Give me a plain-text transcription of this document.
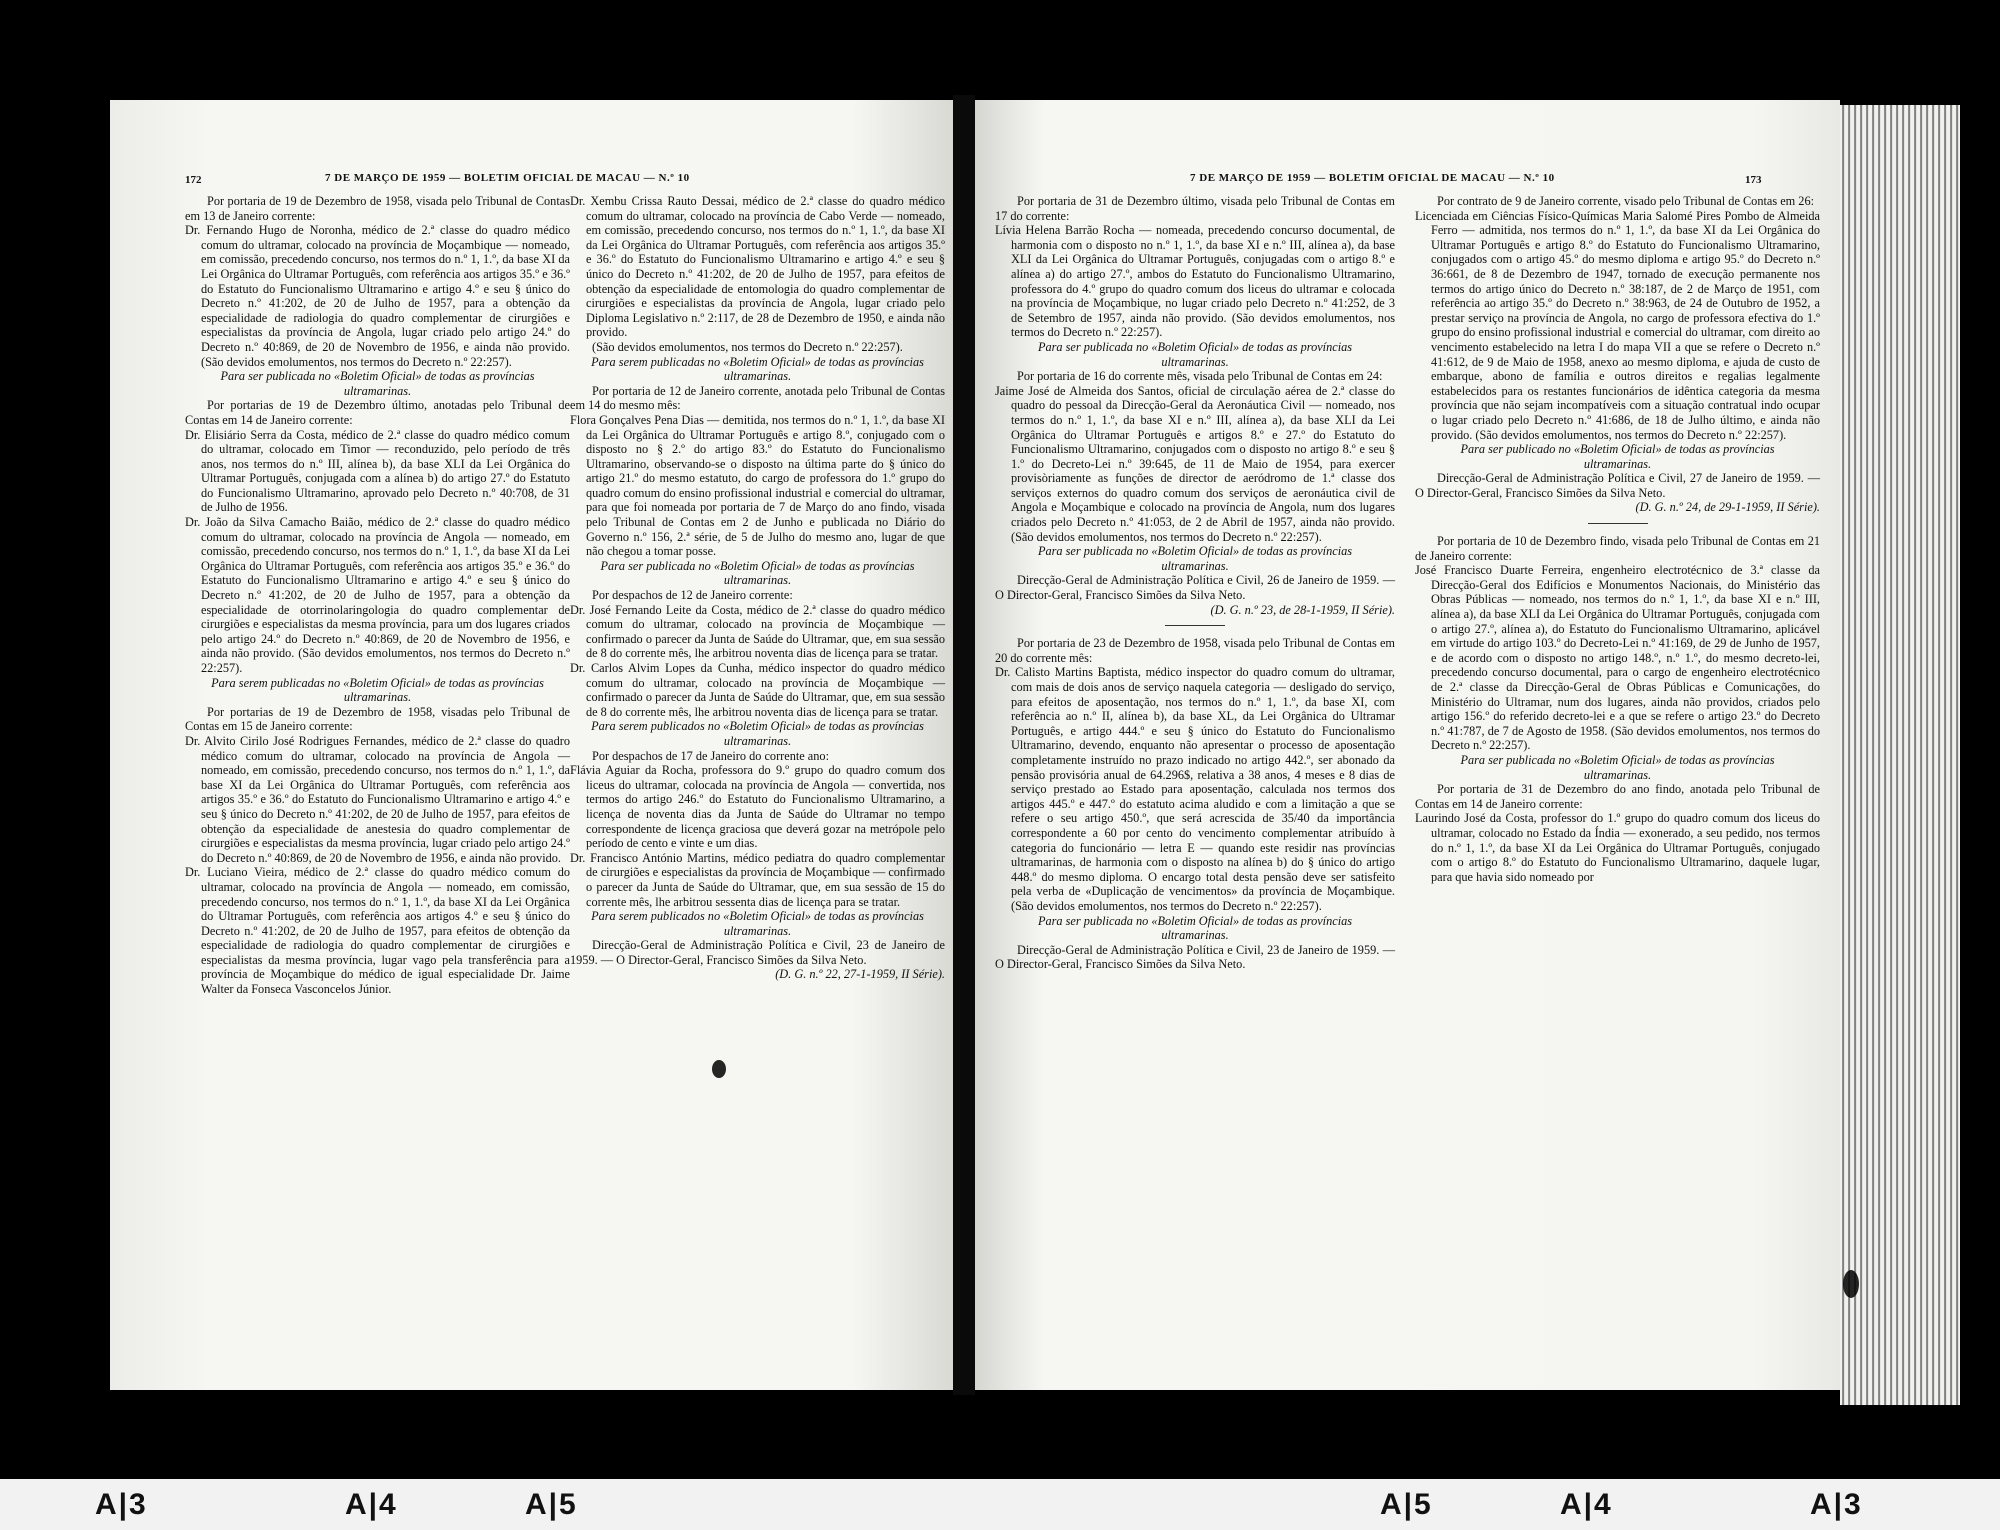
172	7 DE MARÇO DE 1959 — BOLETIM OFICIAL DE MACAU — N.º 10

Por portaria de 19 de Dezembro de 1958, visada pelo Tribunal de Contas em 13 de Janeiro corrente:

Dr. Fernando Hugo de Noronha, médico de 2.ª classe do quadro médico comum do ultramar, colocado na província de Moçambique — nomeado, em comissão, precedendo concurso, nos termos do n.º 1, 1.º, da base XI da Lei Orgânica do Ultramar Português, com referência aos artigos 35.º e 36.º do Estatuto do Funcionalismo Ultramarino e artigo 4.º e seu § único do Decreto n.º 41:202, de 20 de Julho de 1957, para a obtenção da especialidade de radiologia do quadro complementar de cirurgiões e especialistas da província de Angola, lugar criado pelo artigo 24.º do Decreto n.º 40:869, de 20 de Novembro de 1956, e ainda não provido. (São devidos emolumentos, nos termos do Decreto n.º 22:257).

Para ser publicada no «Boletim Oficial» de todas as províncias ultramarinas.

Por portarias de 19 de Dezembro último, anotadas pelo Tribunal de Contas em 14 de Janeiro corrente:

Dr. Elisiário Serra da Costa, médico de 2.ª classe do quadro médico comum do ultramar, colocado em Timor — reconduzido, pelo período de três anos, nos termos do n.º III, alínea b), da base XLI da Lei Orgânica do Ultramar Português, conjugada com a alínea b) do artigo 27.º do Estatuto do Funcionalismo Ultramarino, aprovado pelo Decreto n.º 40:708, de 31 de Julho de 1956.

Dr. João da Silva Camacho Baião, médico de 2.ª classe do quadro médico comum do ultramar, colocado na província de Angola — nomeado, em comissão, precedendo concurso, nos termos do n.º 1, 1.º, da base XI da Lei Orgânica do Ultramar Português, com referência aos artigos 35.º e 36.º do Estatuto do Funcionalismo Ultramarino e artigo 4.º e seu § único do Decreto n.º 41:202, de 20 de Julho de 1957, para a obtenção da especialidade de otorrinolaringologia do quadro complementar de cirurgiões e especialistas da mesma província, para um dos lugares criados pelo artigo 24.º do Decreto n.º 40:869, de 20 de Novembro de 1956, e ainda não provido. (São devidos emolumentos, nos termos do Decreto n.º 22:257).

Para serem publicadas no «Boletim Oficial» de todas as províncias ultramarinas.

Por portarias de 19 de Dezembro de 1958, visadas pelo Tribunal de Contas em 15 de Janeiro corrente:

Dr. Alvito Cirilo José Rodrigues Fernandes, médico de 2.ª classe do quadro médico comum do ultramar, colocado na província de Angola — nomeado, em comissão, precedendo concurso, nos termos do n.º 1, 1.º, da base XI da Lei Orgânica do Ultramar Português, com referência aos artigos 35.º e 36.º do Estatuto do Funcionalismo Ultramarino e artigo 4.º e seu § único do Decreto n.º 41:202, de 20 de Julho de 1957, para efeitos de obtenção da especialidade de anestesia do quadro complementar de cirurgiões e especialistas da mesma província, lugar criado pelo artigo 24.º do Decreto n.º 40:869, de 20 de Novembro de 1956, e ainda não provido.

Dr. Luciano Vieira, médico de 2.ª classe do quadro médico comum do ultramar, colocado na província de Angola — nomeado, em comissão, precedendo concurso, nos termos do n.º 1, 1.º, da base XI da Lei Orgânica do Ultramar Português, com referência aos artigos 4.º e seu § único do Decreto n.º 41:202, de 20 de Julho de 1957, para efeitos de obtenção da especialidade de radiologia do quadro complementar de cirurgiões e especialistas da mesma província, lugar vago pela transferência para a província de Moçambique do médico de igual especialidade Dr. Jaime Walter da Fonseca Vasconcelos Júnior.

Dr. Xembu Crissa Rauto Dessai, médico de 2.ª classe do quadro médico comum do ultramar, colocado na província de Cabo Verde — nomeado, em comissão, precedendo concurso, nos termos do n.º 1, 1.º, da base XI da Lei Orgânica do Ultramar Português, com referência aos artigos 35.º e 36.º do Estatuto do Funcionalismo Ultramarino e artigo 4.º e seu § único do Decreto n.º 41:202, de 20 de Julho de 1957, para efeitos de obtenção da especialidade de entomologia do quadro complementar de cirurgiões e especialistas da província de Angola, lugar criado pelo Diploma Legislativo n.º 2:117, de 28 de Dezembro de 1950, e ainda não provido.

(São devidos emolumentos, nos termos do Decreto n.º 22:257).

Para serem publicadas no «Boletim Oficial» de todas as províncias ultramarinas.

Por portaria de 12 de Janeiro corrente, anotada pelo Tribunal de Contas em 14 do mesmo mês:

Flora Gonçalves Pena Dias — demitida, nos termos do n.º 1, 1.º, da base XI da Lei Orgânica do Ultramar Português e artigo 8.º, conjugado com o disposto no § 2.º do artigo 83.º do Estatuto do Funcionalismo Ultramarino, observando-se o disposto na última parte do § único do artigo 21.º do mesmo estatuto, do cargo de professora do 1.º grupo do quadro comum do ensino profissional industrial e comercial do ultramar, para que foi nomeada por portaria de 7 de Março do ano findo, visada pelo Tribunal de Contas em 2 de Junho e publicada no Diário do Governo n.º 156, 2.ª série, de 5 de Julho do mesmo ano, lugar de que não chegou a tomar posse.

Para ser publicada no «Boletim Oficial» de todas as províncias ultramarinas.

Por despachos de 12 de Janeiro corrente:

Dr. José Fernando Leite da Costa, médico de 2.ª classe do quadro médico comum do ultramar, colocado na província de Moçambique — confirmado o parecer da Junta de Saúde do Ultramar, que, em sua sessão de 8 do corrente mês, lhe arbitrou noventa dias de licença para se tratar.

Dr. Carlos Alvim Lopes da Cunha, médico inspector do quadro médico comum do ultramar, colocado na província de Moçambique — confirmado o parecer da Junta de Saúde do Ultramar, que, em sua sessão de 8 do corrente mês, lhe arbitrou noventa dias de licença para se tratar.

Para serem publicados no «Boletim Oficial» de todas as províncias ultramarinas.

Por despachos de 17 de Janeiro do corrente ano:

Flávia Aguiar da Rocha, professora do 9.º grupo do quadro comum dos liceus do ultramar, colocada na província de Angola — convertida, nos termos do artigo 246.º do Estatuto do Funcionalismo Ultramarino, a licença de noventa dias da Junta de Saúde do Ultramar no tempo correspondente de licença graciosa que deverá gozar na metrópole pelo período de cento e vinte e um dias.

Dr. Francisco António Martins, médico pediatra do quadro complementar de cirurgiões e especialistas da província de Moçambique — confirmado o parecer da Junta de Saúde do Ultramar, que, em sua sessão de 15 do corrente mês, lhe arbitrou sessenta dias de licença para se tratar.

Para serem publicados no «Boletim Oficial» de todas as províncias ultramarinas.

Direcção-Geral de Administração Política e Civil, 23 de Janeiro de 1959. — O Director-Geral, Francisco Simões da Silva Neto.

(D. G. n.º 22, 27-1-1959, II Série).

7 DE MARÇO DE 1959 — BOLETIM OFICIAL DE MACAU — N.º 10	173

Por portaria de 31 de Dezembro último, visada pelo Tribunal de Contas em 17 do corrente:

Lívia Helena Barrão Rocha — nomeada, precedendo concurso documental, de harmonia com o disposto no n.º 1, 1.º, da base XI e n.º III, alínea a), da base XLI da Lei Orgânica do Ultramar Português, conjugadas com o artigo 8.º e alínea a) do artigo 27.º, ambos do Estatuto do Funcionalismo Ultramarino, professora do 4.º grupo do quadro comum dos liceus do ultramar e colocada na província de Moçambique, no lugar criado pelo Decreto n.º 41:252, de 3 de Setembro de 1957, ainda não provido. (São devidos emolumentos, nos termos do Decreto n.º 22:257).

Para ser publicada no «Boletim Oficial» de todas as províncias ultramarinas.

Por portaria de 16 do corrente mês, visada pelo Tribunal de Contas em 24:

Jaime José de Almeida dos Santos, oficial de circulação aérea de 2.ª classe do quadro do pessoal da Direcção-Geral da Aeronáutica Civil — nomeado, nos termos do n.º 1, 1.º, da base XI e n.º III, alínea a), da base XLI da Lei Orgânica do Ultramar Português e artigos 8.º e 27.º do Estatuto do Funcionalismo Ultramarino, conjugados com o disposto no artigo 8.º e seu § 1.º do Decreto-Lei n.º 39:645, de 11 de Maio de 1954, para exercer provisòriamente as funções de director de aeródromo de 1.ª classe dos serviços externos do quadro comum dos serviços de aeronáutica civil de Angola e Moçambique e colocado na província de Angola, num dos lugares criados pelo Decreto n.º 41:053, de 2 de Abril de 1957, ainda não provido. (São devidos emolumentos, nos termos do Decreto n.º 22:257).

Para ser publicada no «Boletim Oficial» de todas as províncias ultramarinas.

Direcção-Geral de Administração Política e Civil, 26 de Janeiro de 1959. — O Director-Geral, Francisco Simões da Silva Neto.

(D. G. n.º 23, de 28-1-1959, II Série).

Por portaria de 23 de Dezembro de 1958, visada pelo Tribunal de Contas em 20 do corrente mês:

Dr. Calisto Martins Baptista, médico inspector do quadro comum do ultramar, com mais de dois anos de serviço naquela categoria — desligado do serviço, para efeitos de aposentação, nos termos do n.º 1, 1.º, da base XI, com referência ao n.º II, alínea b), da base XL, da Lei Orgânica do Ultramar Português, e artigo 444.º e seu § único do Estatuto do Funcionalismo Ultramarino, devendo, enquanto não apresentar o processo de aposentação completamente instruído no prazo indicado no artigo 442.º, ser abonado da pensão provisória anual de 64.296$, relativa a 38 anos, 4 meses e 8 dias de serviço prestado ao Estado para aposentação, calculada nos termos dos artigos 445.º e 447.º do estatuto acima aludido e com a limitação a que se refere o seu artigo 450.º, que será acrescida de 35/40 da importância correspondente a 60 por cento do vencimento complementar atribuído à categoria do funcionário — letra E — quando este residir nas províncias ultramarinas, de harmonia com o disposto na alínea b) do § único do artigo 448.º do mesmo diploma. O encargo total desta pensão deve ser satisfeito pela verba de «Duplicação de vencimentos» da província de Moçambique. (São devidos emolumentos, nos termos do Decreto n.º 22:257).

Para ser publicada no «Boletim Oficial» de todas as províncias ultramarinas.

Direcção-Geral de Administração Política e Civil, 23 de Janeiro de 1959. — O Director-Geral, Francisco Simões da Silva Neto.

Por contrato de 9 de Janeiro corrente, visado pelo Tribunal de Contas em 26:

Licenciada em Ciências Físico-Químicas Maria Salomé Pires Pombo de Almeida Ferro — admitida, nos termos do n.º 1, 1.º, da base XI da Lei Orgânica do Ultramar Português e artigo 8.º do Estatuto do Funcionalismo Ultramarino, conjugados com o artigo 45.º do mesmo diploma e artigo 95.º do Decreto n.º 36:661, de 8 de Dezembro de 1947, tornado de execução permanente nos termos do artigo único do Decreto n.º 38:187, de 2 de Março de 1951, com referência ao artigo 35.º do Decreto n.º 38:963, de 24 de Outubro de 1952, a prestar serviço na província de Angola, no cargo de professora efectiva do 1.º grupo do ensino profissional industrial e comercial do ultramar, com direito ao vencimento estabelecido na letra I do mapa VII a que se refere o Decreto n.º 41:612, de 9 de Maio de 1958, anexo ao mesmo diploma, e ajuda de custo de embarque, abono de família e outros direitos e regalias legalmente estabelecidos para os restantes funcionários de idêntica categoria da mesma província que não sejam incompatíveis com a situação contratual indo ocupar o lugar criado pelo Decreto n.º 41:686, de 18 de Julho último, e ainda não provido. (São devidos emolumentos, nos termos do Decreto n.º 22:257).

Para ser publicado no «Boletim Oficial» de todas as províncias ultramarinas.

Direcção-Geral de Administração Política e Civil, 27 de Janeiro de 1959. — O Director-Geral, Francisco Simões da Silva Neto.

(D. G. n.º 24, de 29-1-1959, II Série).

Por portaria de 10 de Dezembro findo, visada pelo Tribunal de Contas em 21 de Janeiro corrente:

José Francisco Duarte Ferreira, engenheiro electrotécnico de 3.ª classe da Direcção-Geral dos Edifícios e Monumentos Nacionais, do Ministério das Obras Públicas — nomeado, nos termos do n.º 1, 1.º, da base XI e n.º III, alínea a), da base XLI da Lei Orgânica do Ultramar Português, conjugada com o artigo 27.º, alínea a), do Estatuto do Funcionalismo Ultramarino, aplicável em virtude do artigo 103.º do Decreto-Lei n.º 41:169, de 29 de Junho de 1957, e de acordo com o disposto no artigo 148.º, n.º 1.º, do mesmo decreto-lei, precedendo concurso documental, para o cargo de engenheiro electrotécnico de 2.ª classe da Direcção-Geral de Obras Públicas e Comunicações, do Ministério do Ultramar, num dos lugares, ainda não providos, criados pelo artigo 156.º do referido decreto-lei e a que se refere o artigo 23.º do Decreto n.º 41:787, de 7 de Agosto de 1958. (São devidos emolumentos, nos termos do Decreto n.º 22:257).

Para ser publicada no «Boletim Oficial» de todas as províncias ultramarinas.

Por portaria de 31 de Dezembro do ano findo, anotada pelo Tribunal de Contas em 14 de Janeiro corrente:

Laurindo José da Costa, professor do 1.º grupo do quadro comum dos liceus do ultramar, colocado no Estado da Índia — exonerado, a seu pedido, nos termos do n.º 1, 1.º, da base XI da Lei Orgânica do Ultramar Português, conjugado com o artigo 8.º do Estatuto do Funcionalismo Ultramarino, daquele lugar, para que havia sido nomeado por

A|3	A|4	A|5	A|5	A|4	A|3
